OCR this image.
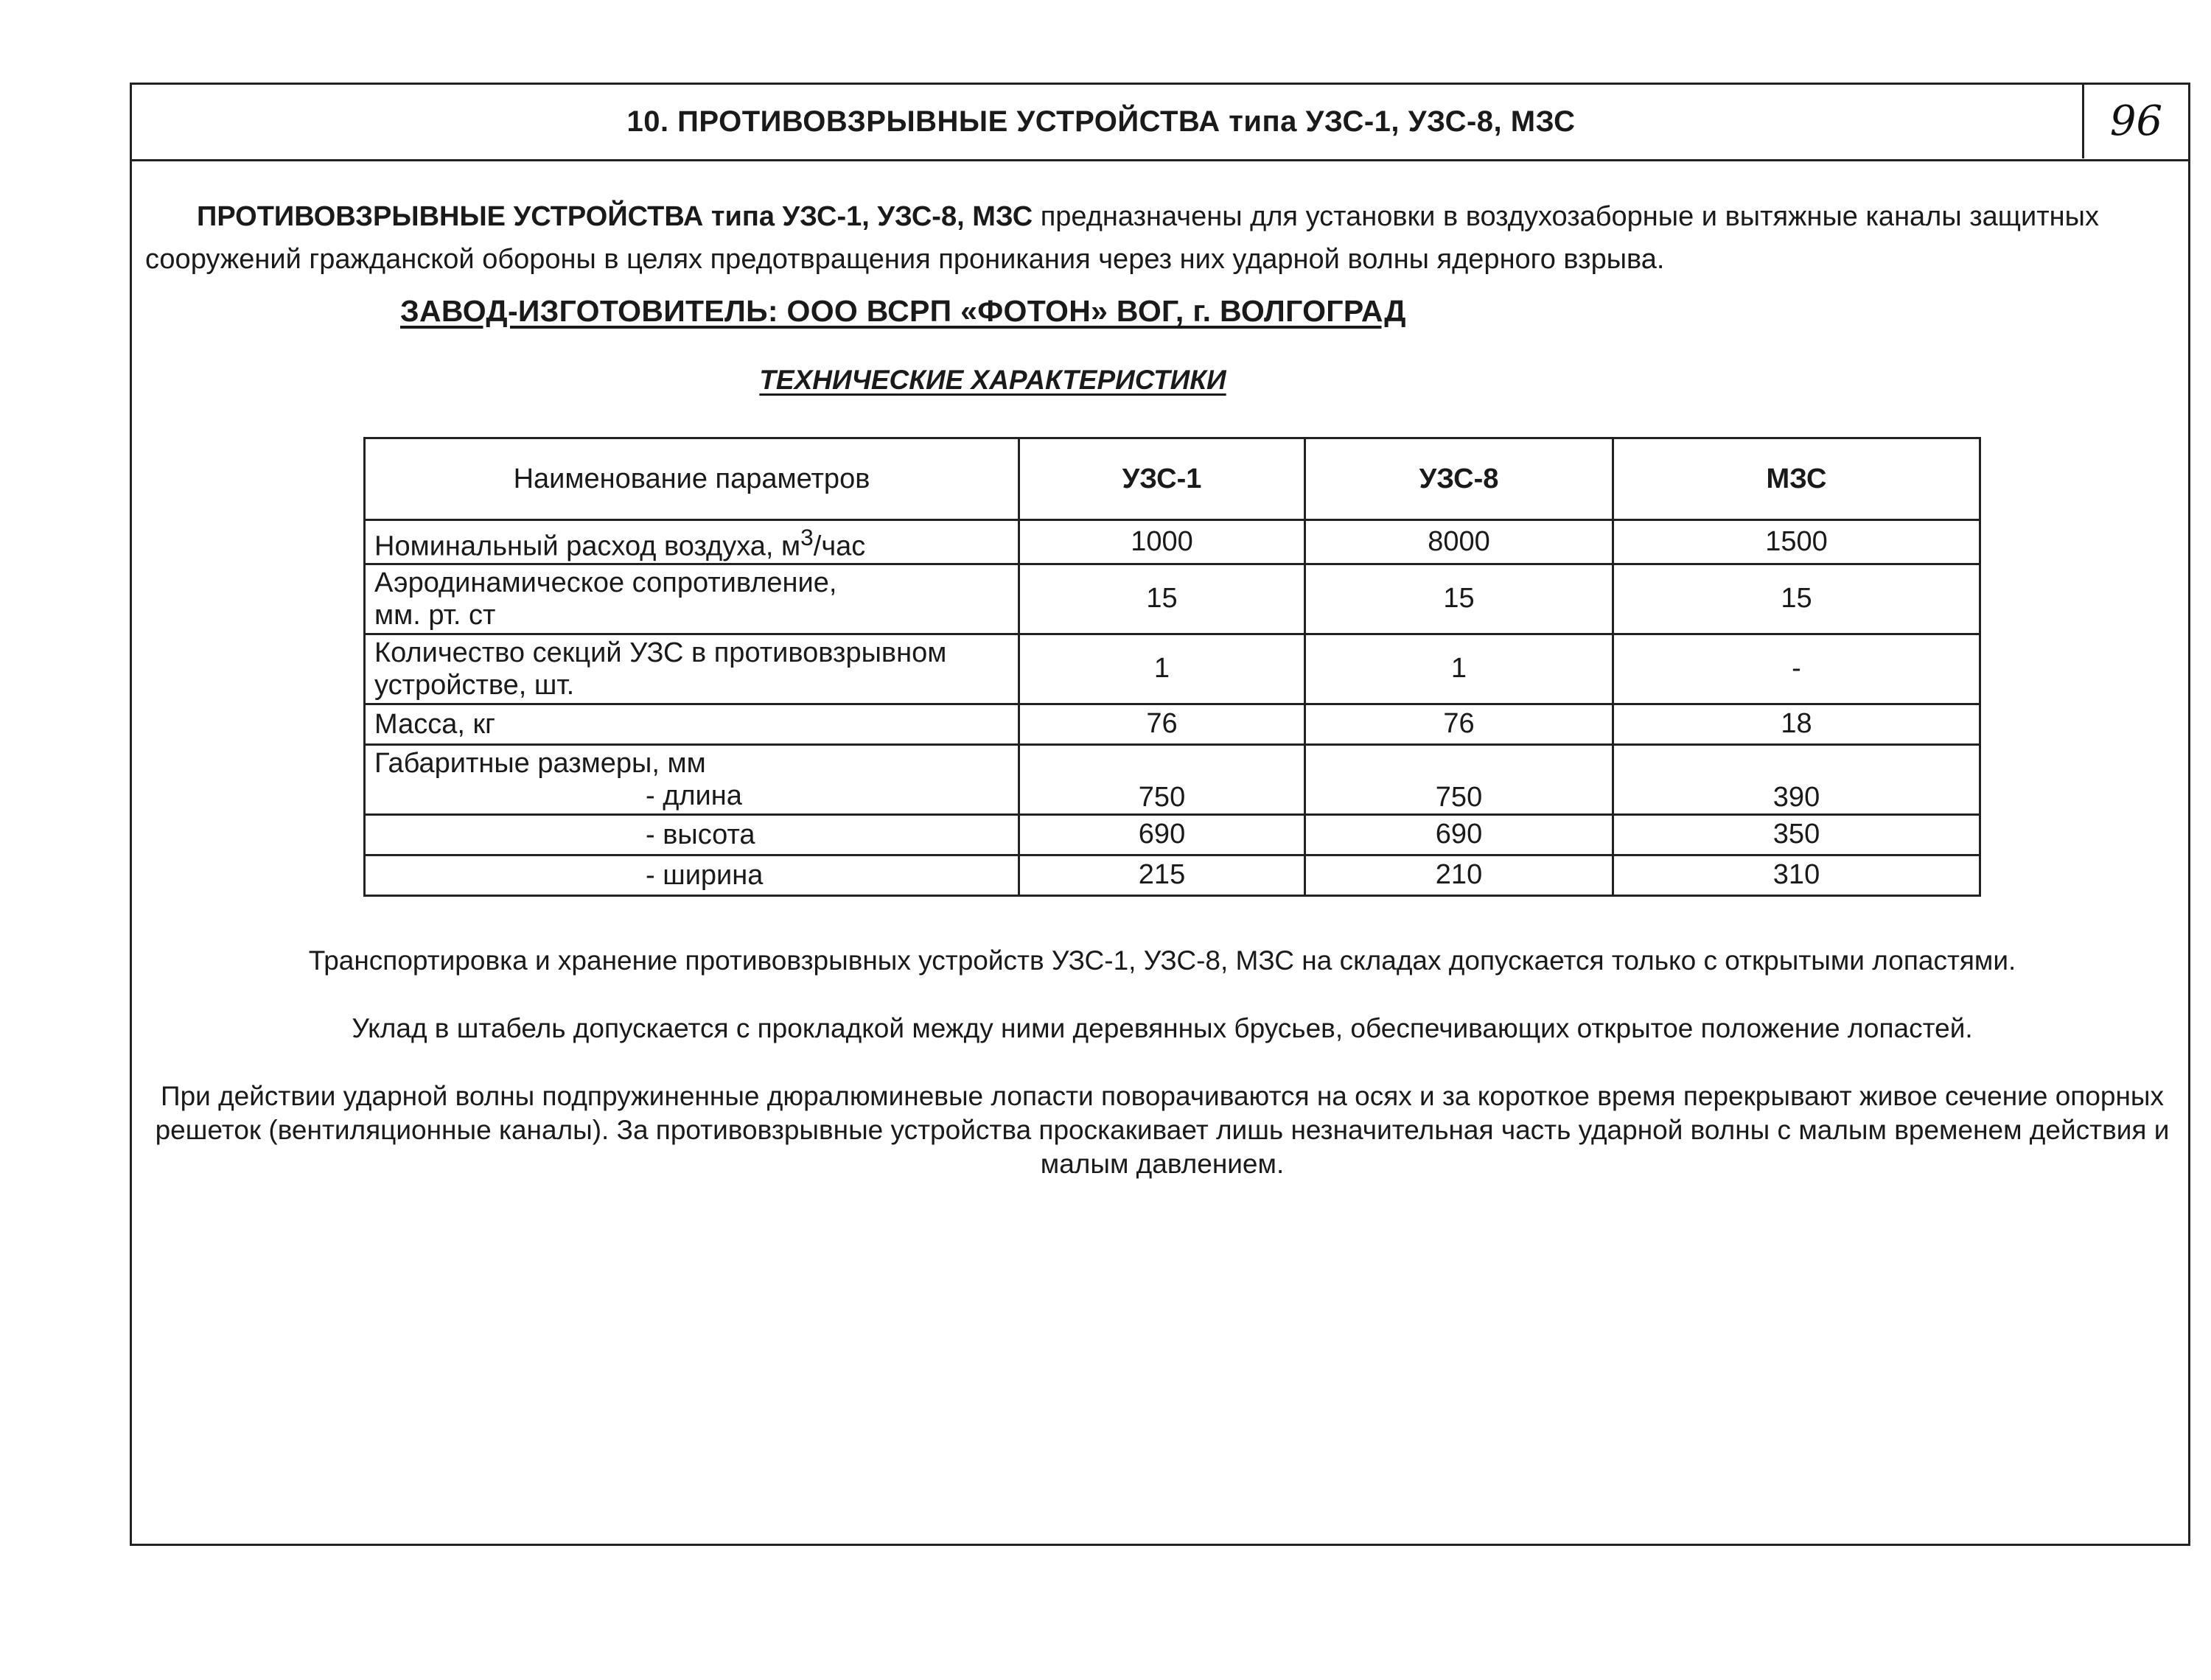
10. ПРОТИВОВЗРЫВНЫЕ УСТРОЙСТВА типа УЗС-1, УЗС-8, МЗС	96
ПРОТИВОВЗРЫВНЫЕ УСТРОЙСТВА типа УЗС-1, УЗС-8, МЗС предназначены для установки в воздухозаборные и вытяжные каналы защитных сооружений гражданской обороны в целях предотвращения проникания через них ударной волны ядерного взрыва.
ЗАВОД-ИЗГОТОВИТЕЛЬ: ООО ВСРП «ФОТОН» ВОГ, г. ВОЛГОГРАД
ТЕХНИЧЕСКИЕ ХАРАКТЕРИСТИКИ
Наименование параметров	УЗС-1	УЗС-8	МЗС
Номинальный расход воздуха, $м^3$/час	1000	8000	1500
Аэродинамическое сопротивление,
мм. рт. ст	15	15	15
Количество секций УЗС в противовзрывном
устройстве, шт.	1	1	-
Масса, кг	76	76	18
Габаритные размеры, мм
- длина	750	750	390
- высота	690	690	350
- ширина	215	210	310
Транспортировка и хранение противовзрывных устройств УЗС-1, УЗС-8, МЗС на складах допускается только с открытыми лопастями.
Уклад в штабель допускается с прокладкой между ними деревянных брусьев, обеспечивающих открытое положение лопастей.
При действии ударной волны подпружиненные дюралюминевые лопасти поворачиваются на осях и за короткое время перекрывают живое сечение опорных решеток (вентиляционные каналы). За противовзрывные устройства проскакивает лишь незначительная часть ударной волны с малым временем действия и малым давлением.
